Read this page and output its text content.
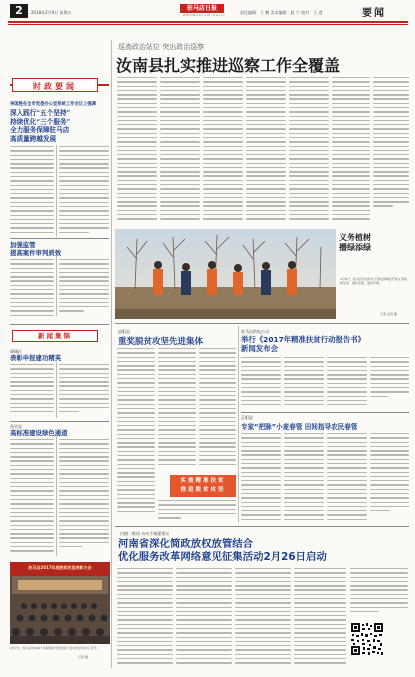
2	2018年2月9日 星期五
驻马店日报
ZHUMADIAN DAILY	责任编辑：王 鹤 美术编辑：赵 宁 校对：王 进	要闻
时政要闻
李国胜在全市党委办公室系统工作会议上强调
深入践行“五个坚持”
持续优化“三个服务”
全力服务保障驻马店
高质量跨越发展
加强监管
提高案件审判质效
新闻集锦
驿城区
表彰申报建功精英
西平县
高标准建设绿色通道
驻马店2017年度脱贫攻坚表彰大会
2月7日，驻马店市2017年度脱贫攻坚表彰大会在市会议中心召开。
记者 摄
巡查政治站位 突出政治巡察
汝南县扎实推进巡察工作全覆盖
义务植树
播绿添绿
2月8日，驻马店市直机关干部在驿城区开展义务植树活动，绿化家园、美化环境。
记者 孟贺 摄
泌阳县
重奖脱贫攻坚先进集体
实施精准扶贫
推进脱贫攻坚
驻马店供电公司
举行《2017年精准扶贫行动报告书》
新闻发布会
正阳县
专家“把脉”小麦春管 田间指导农民春管
扫描二维码 动动手指提建议
河南省深化简政放权放管结合
优化服务改革网络意见征集活动2月26日启动
